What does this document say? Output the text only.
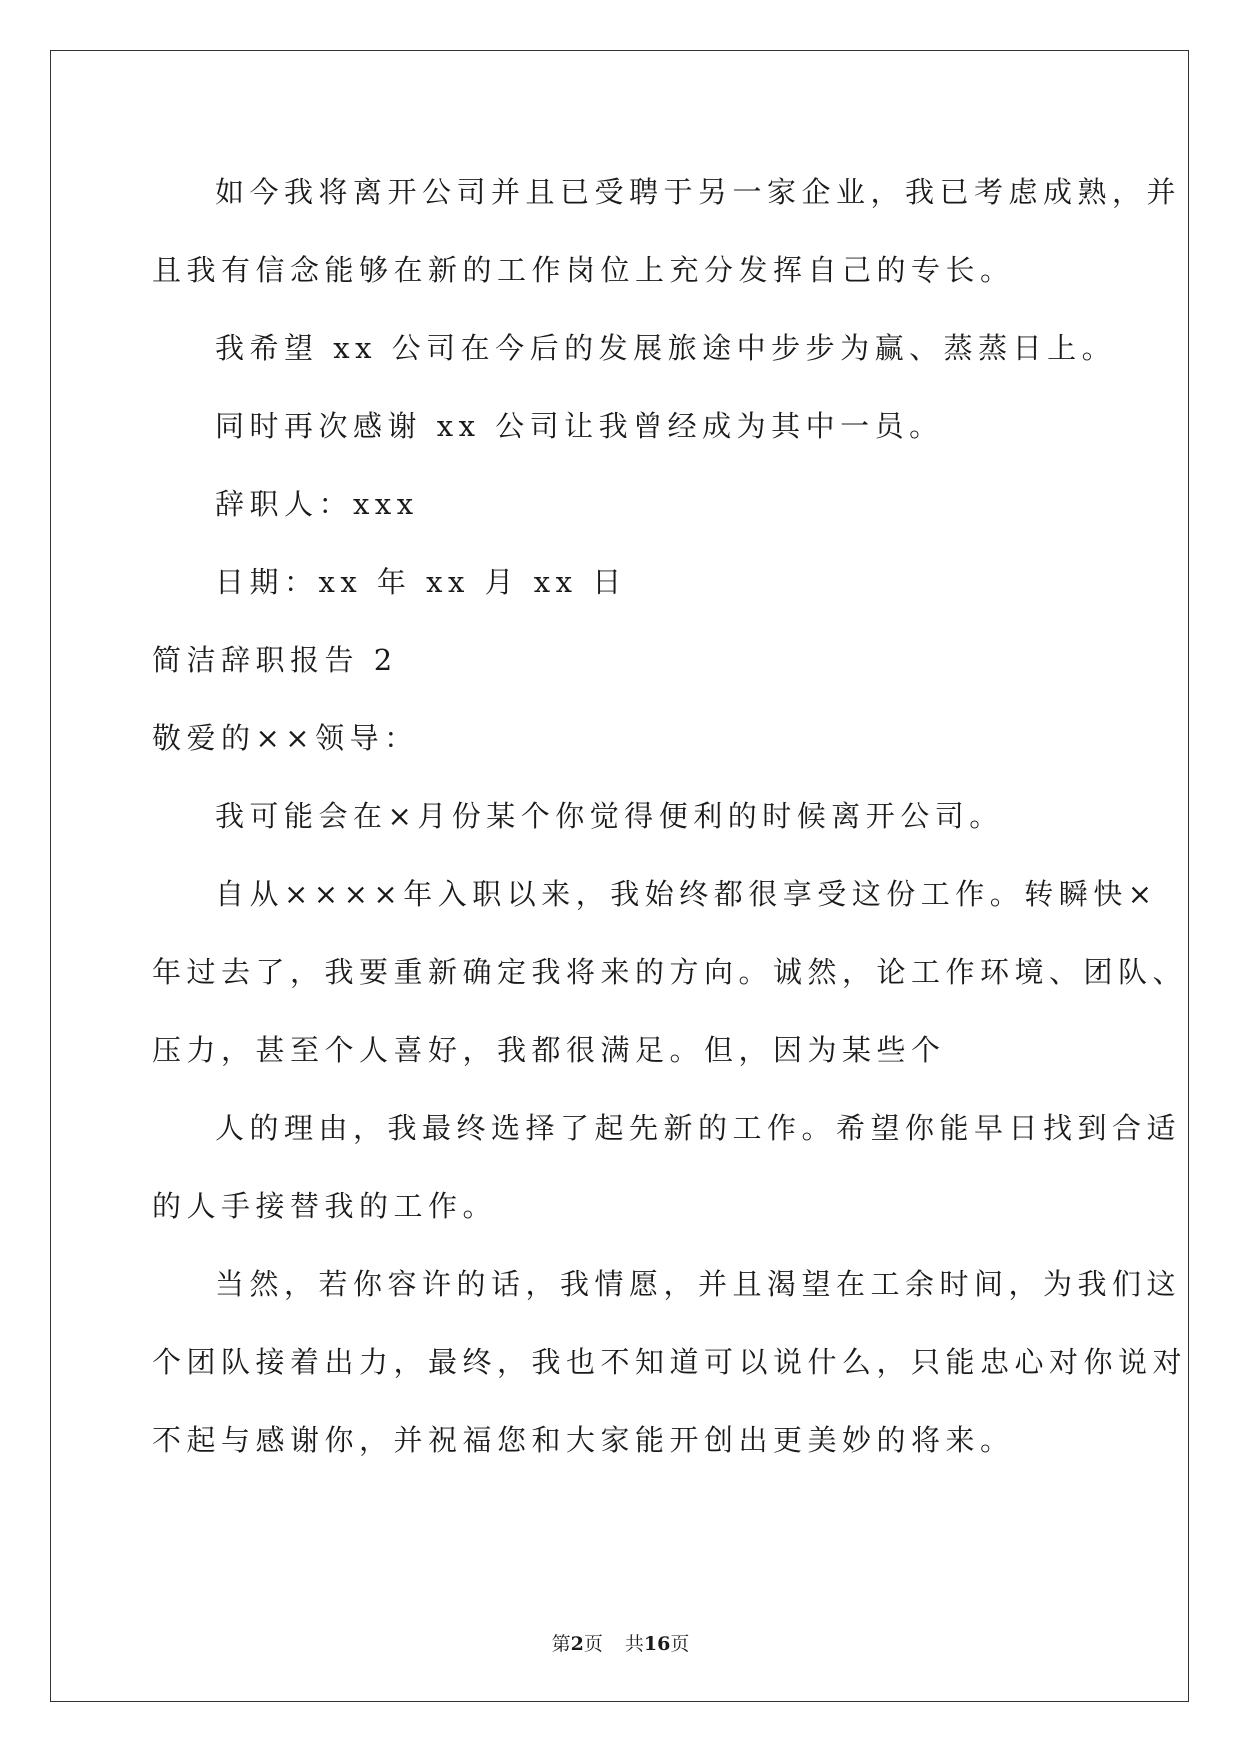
如今我将离开公司并且已受聘于另一家企业，我已考虑成熟，并

且我有信念能够在新的工作岗位上充分发挥自己的专长。

我希望 xx 公司在今后的发展旅途中步步为赢、蒸蒸日上。

同时再次感谢 xx 公司让我曾经成为其中一员。

辞职人：xxx

日期：xx 年 xx 月 xx 日

简洁辞职报告 2

敬爱的××领导：

我可能会在×月份某个你觉得便利的时候离开公司。

自从××××年入职以来，我始终都很享受这份工作。转瞬快×

年过去了，我要重新确定我将来的方向。诚然，论工作环境、团队、

压力，甚至个人喜好，我都很满足。但，因为某些个

人的理由，我最终选择了起先新的工作。希望你能早日找到合适

的人手接替我的工作。

当然，若你容许的话，我情愿，并且渴望在工余时间，为我们这

个团队接着出力，最终，我也不知道可以说什么，只能忠心对你说对

不起与感谢你，并祝福您和大家能开创出更美妙的将来。

第2页 共16页
